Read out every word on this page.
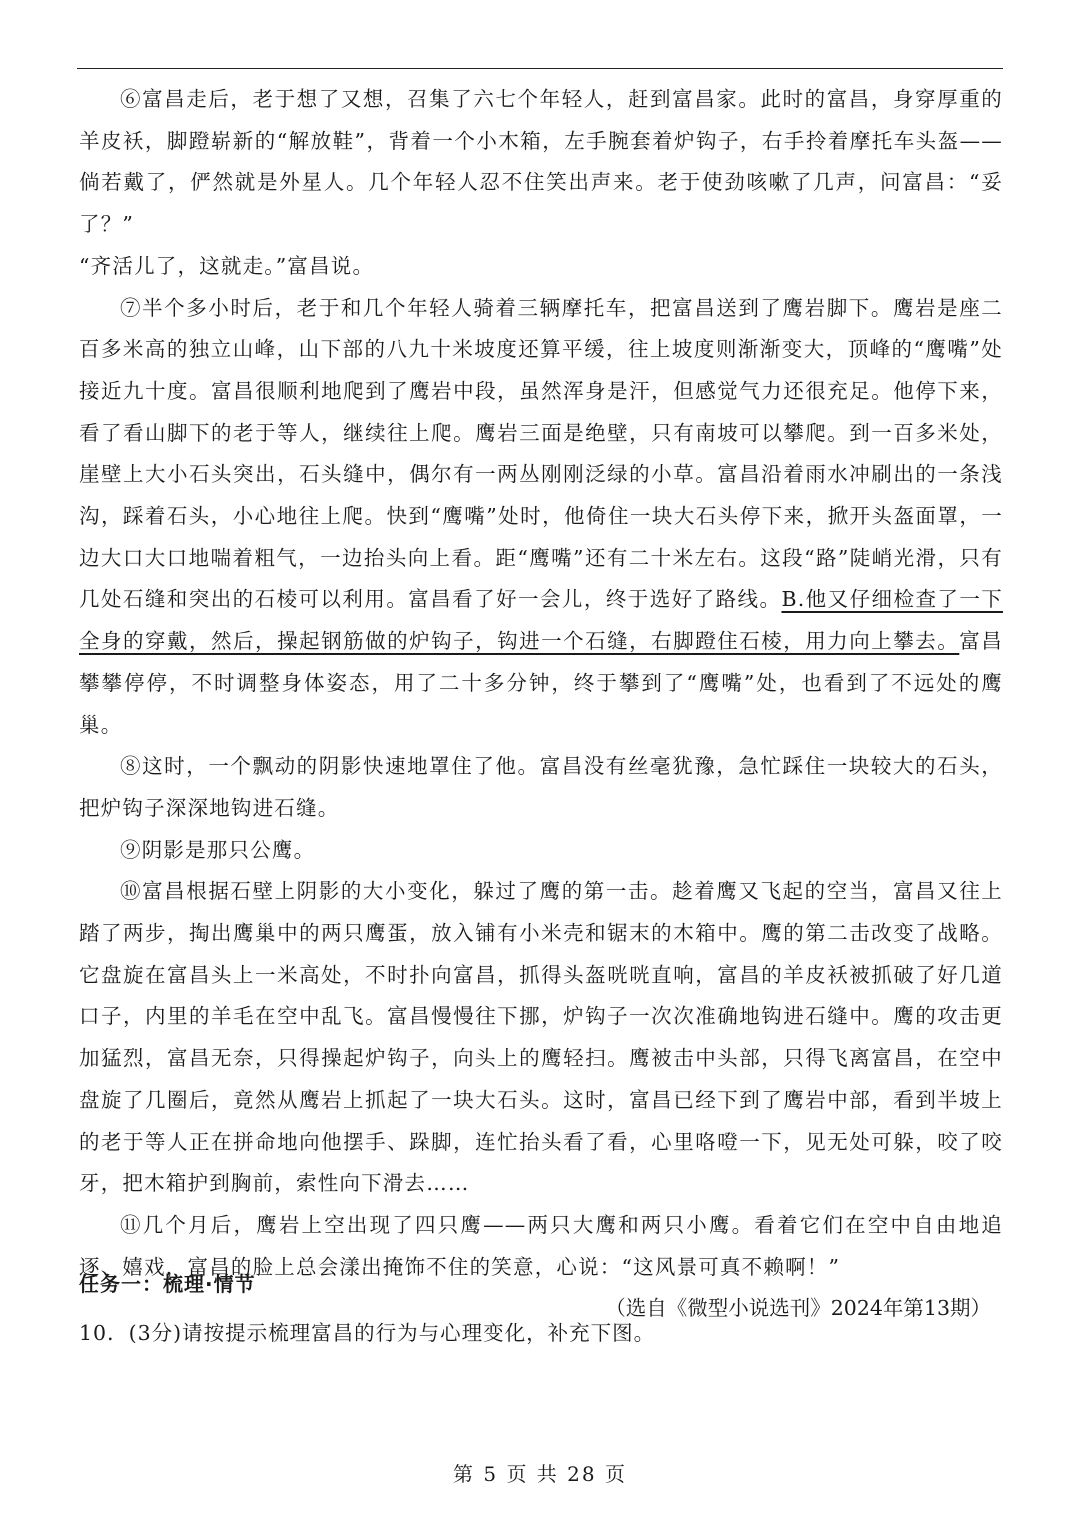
⑥富昌走后，老于想了又想，召集了六七个年轻人，赶到富昌家。此时的富昌，身穿厚重的羊皮袄，脚蹬崭新的“解放鞋”，背着一个小木箱，左手腕套着炉钩子，右手拎着摩托车头盔——倘若戴了，俨然就是外星人。几个年轻人忍不住笑出声来。老于使劲咳嗽了几声，问富昌：“妥了？”

“齐活儿了，这就走。”富昌说。

⑦半个多小时后，老于和几个年轻人骑着三辆摩托车，把富昌送到了鹰岩脚下。鹰岩是座二百多米高的独立山峰，山下部的八九十米坡度还算平缓，往上坡度则渐渐变大，顶峰的“鹰嘴”处接近九十度。富昌很顺利地爬到了鹰岩中段，虽然浑身是汗，但感觉气力还很充足。他停下来，看了看山脚下的老于等人，继续往上爬。鹰岩三面是绝壁，只有南坡可以攀爬。到一百多米处，崖壁上大小石头突出，石头缝中，偶尔有一两丛刚刚泛绿的小草。富昌沿着雨水冲刷出的一条浅沟，踩着石头，小心地往上爬。快到“鹰嘴”处时，他倚住一块大石头停下来，掀开头盔面罩，一边大口大口地喘着粗气，一边抬头向上看。距“鹰嘴”还有二十米左右。这段“路”陡峭光滑，只有几处石缝和突出的石棱可以利用。富昌看了好一会儿，终于选好了路线。B.他又仔细检查了一下全身的穿戴，然后，操起钢筋做的炉钩子，钩进一个石缝，右脚蹬住石棱，用力向上攀去。富昌攀攀停停，不时调整身体姿态，用了二十多分钟，终于攀到了“鹰嘴”处，也看到了不远处的鹰巢。

⑧这时，一个飘动的阴影快速地罩住了他。富昌没有丝毫犹豫，急忙踩住一块较大的石头，把炉钩子深深地钩进石缝。

⑨阴影是那只公鹰。

⑩富昌根据石壁上阴影的大小变化，躲过了鹰的第一击。趁着鹰又飞起的空当，富昌又往上踏了两步，掏出鹰巢中的两只鹰蛋，放入铺有小米壳和锯末的木箱中。鹰的第二击改变了战略。它盘旋在富昌头上一米高处，不时扑向富昌，抓得头盔咣咣直响，富昌的羊皮袄被抓破了好几道口子，内里的羊毛在空中乱飞。富昌慢慢往下挪，炉钩子一次次准确地钩进石缝中。鹰的攻击更加猛烈，富昌无奈，只得操起炉钩子，向头上的鹰轻扫。鹰被击中头部，只得飞离富昌，在空中盘旋了几圈后，竟然从鹰岩上抓起了一块大石头。这时，富昌已经下到了鹰岩中部，看到半坡上的老于等人正在拼命地向他摆手、跺脚，连忙抬头看了看，心里咯噔一下，见无处可躲，咬了咬牙，把木箱护到胸前，索性向下滑去……

⑪几个月后，鹰岩上空出现了四只鹰——两只大鹰和两只小鹰。看着它们在空中自由地追逐、嬉戏，富昌的脸上总会漾出掩饰不住的笑意，心说：“这风景可真不赖啊！”

（选自《微型小说选刊》2024年第13期）

任务一：梳理·情节
10．(3分)请按提示梳理富昌的行为与心理变化，补充下图。
第 5 页 共 28 页
